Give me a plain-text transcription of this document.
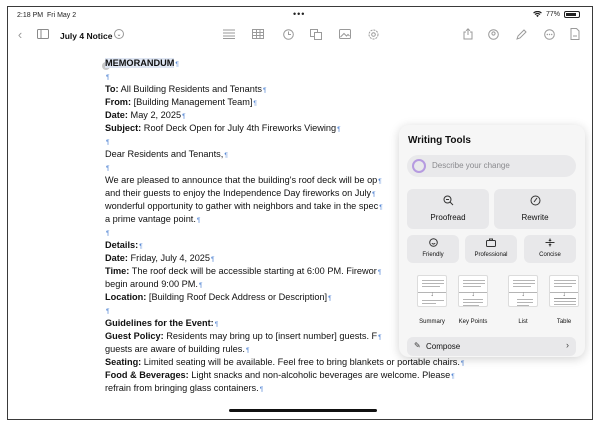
2:18 PM Fri May 2	•••	77%
‹	July 4 Notice ⌄
MEMORANDUM¶
¶
To: All Building Residents and Tenants¶
From: [Building Management Team]¶
Date: May 2, 2025¶
Subject: Roof Deck Open for July 4th Fireworks Viewing¶
¶
Dear Residents and Tenants,¶
¶
We are pleased to announce that the building's roof deck will be op¶
and their guests to enjoy the Independence Day fireworks on July¶
wonderful opportunity to gather with neighbors and take in the spec¶
a prime vantage point.¶
¶
Details:¶
Date: Friday, July 4, 2025¶
Time: The roof deck will be accessible starting at 6:00 PM. Firewor¶
begin around 9:00 PM.¶
Location: [Building Roof Deck Address or Description]¶
¶
Guidelines for the Event:¶
Guest Policy: Residents may bring up to [insert number] guests. F¶
guests are aware of building rules.¶
Seating: Limited seating will be available. Feel free to bring blankets or portable chairs.¶
Food & Beverages: Light snacks and non-alcoholic beverages are welcome. Please¶
refrain from bringing glass containers.¶
Writing Tools
Describe your change
Proofread	Rewrite
Friendly	Professional	Concise
↓
Summary
↓
Key Points
↓
List
↓
Table
✎ Compose	›
